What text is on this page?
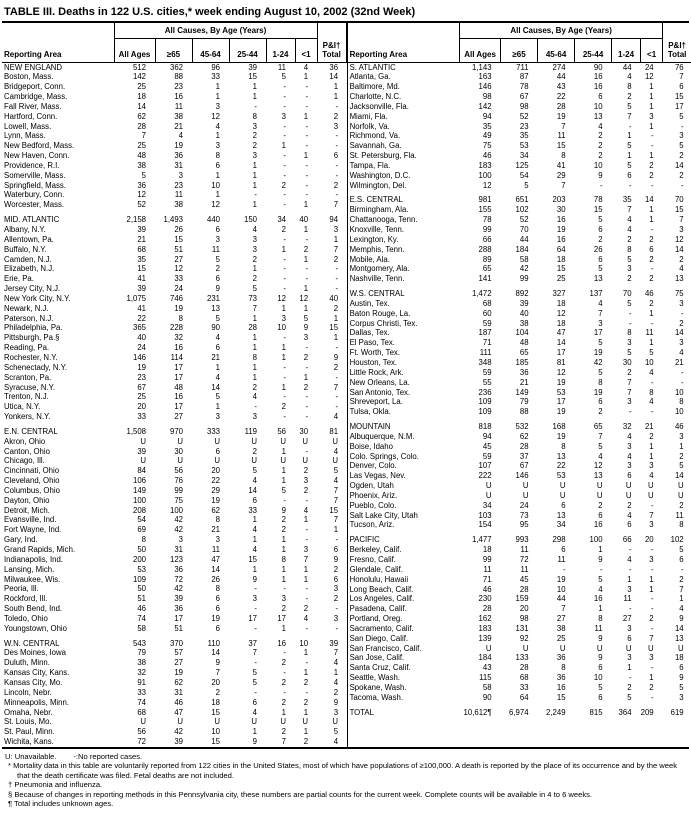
TABLE III. Deaths in 122 U.S. cities,* week ending August 10, 2002 (32nd Week)
Reporting Area	All Causes, By Age (Years)						
	All Ages	≥65	45-64	25-44	1-24	<1	P&I†
Total

NEW ENGLAND	512	362	96	39	11	4	36
Boston, Mass.	142	88	33	15	5	1	14
Bridgeport, Conn.	25	23	1	1	-	-	1
Cambridge, Mass.	18	16	1	1	-	-	1
Fall River, Mass.	14	11	3	-	-	-	-
Hartford, Conn.	62	38	12	8	3	1	2
Lowell, Mass.	28	21	4	3	-	-	3
Lynn, Mass.	7	4	1	2	-	-	-
New Bedford, Mass.	25	19	3	2	1	-	-
New Haven, Conn.	48	36	8	3	-	1	6
Providence, R.I.	38	31	6	1	-	-	-
Somerville, Mass.	5	3	1	1	-	-	-
Springfield, Mass.	36	23	10	1	2	-	2
Waterbury, Conn.	12	11	1	-	-	-	-
Worcester, Mass.	52	38	12	1	-	1	7

MID. ATLANTIC	2,158	1,493	440	150	34	40	94
Albany, N.Y.	39	26	6	4	2	1	3
Allentown, Pa.	21	15	3	3	-	-	1
Buffalo, N.Y.	68	51	11	3	1	2	7
Camden, N.J.	35	27	5	2	-	1	2
Elizabeth, N.J.	15	12	2	1	-	-	-
Erie, Pa.	41	33	6	2	-	-	-
Jersey City, N.J.	39	24	9	5	-	1	-
New York City, N.Y.	1,075	746	231	73	12	12	40
Newark, N.J.	41	19	13	7	1	1	2
Paterson, N.J.	22	8	5	1	3	5	1
Philadelphia, Pa.	365	228	90	28	10	9	15
Pittsburgh, Pa.§	40	32	4	1	-	3	1
Reading, Pa.	24	16	6	1	1	-	-
Rochester, N.Y.	146	114	21	8	1	2	9
Schenectady, N.Y.	19	17	1	1	-	-	2
Scranton, Pa.	23	17	4	1	-	1	-
Syracuse, N.Y.	67	48	14	2	1	2	7
Trenton, N.J.	25	16	5	4	-	-	-
Utica, N.Y.	20	17	1	-	2	-	-
Yonkers, N.Y.	33	27	3	3	-	-	4

E.N. CENTRAL	1,508	970	333	119	56	30	81
Akron, Ohio	U	U	U	U	U	U	U
Canton, Ohio	39	30	6	2	1	-	4
Chicago, Ill.	U	U	U	U	U	U	U
Cincinnati, Ohio	84	56	20	5	1	2	5
Cleveland, Ohio	106	76	22	4	1	3	4
Columbus, Ohio	149	99	29	14	5	2	7
Dayton, Ohio	100	75	19	6	-	-	7
Detroit, Mich.	208	100	62	33	9	4	15
Evansville, Ind.	54	42	8	1	2	1	7
Fort Wayne, Ind.	69	42	21	4	2	-	1
Gary, Ind.	8	3	3	1	1	-	-
Grand Rapids, Mich.	50	31	11	4	1	3	6
Indianapolis, Ind.	200	123	47	15	8	7	9
Lansing, Mich.	53	36	14	1	1	1	2
Milwaukee, Wis.	109	72	26	9	1	1	6
Peoria, Ill.	50	42	8	-	-	-	3
Rockford, Ill.	51	39	6	3	3	-	2
South Bend, Ind.	46	36	6	-	2	2	-
Toledo, Ohio	74	17	19	17	17	4	3
Youngstown, Ohio	58	51	6	-	1	-	-

W.N. CENTRAL	543	370	110	37	16	10	39
Des Moines, Iowa	79	57	14	7	-	1	7
Duluth, Minn.	38	27	9	-	2	-	4
Kansas City, Kans.	32	19	7	5	-	1	1
Kansas City, Mo.	91	62	20	5	2	2	4
Lincoln, Nebr.	33	31	2	-	-	-	2
Minneapolis, Minn.	74	46	18	6	2	2	9
Omaha, Nebr.	68	47	15	4	1	1	3
St. Louis, Mo.	U	U	U	U	U	U	U
St. Paul, Minn.	56	42	10	1	2	1	5
Wichita, Kans.	72	39	15	9	7	2	4
Reporting Area	All Causes, By Age (Years)						
	All Ages	≥65	45-64	25-44	1-24	<1	P&I†
Total

S. ATLANTIC	1,143	711	274	90	44	24	76
Atlanta, Ga.	163	87	44	16	4	12	7
Baltimore, Md.	146	78	43	16	8	1	6
Charlotte, N.C.	98	67	22	6	2	1	15
Jacksonville, Fla.	142	98	28	10	5	1	17
Miami, Fla.	94	52	19	13	7	3	5
Norfolk, Va.	35	23	7	4	-	1	-
Richmond, Va.	49	35	11	2	1	-	3
Savannah, Ga.	75	53	15	2	5	-	5
St. Petersburg, Fla.	46	34	8	2	1	1	2
Tampa, Fla.	183	125	41	10	5	2	14
Washington, D.C.	100	54	29	9	6	2	2
Wilmington, Del.	12	5	7	-	-	-	-

E.S. CENTRAL	981	651	203	78	35	14	70
Birmingham, Ala.	155	102	30	15	7	1	15
Chattanooga, Tenn.	78	52	16	5	4	1	7
Knoxville, Tenn.	99	70	19	6	4	-	3
Lexington, Ky.	66	44	16	2	2	2	12
Memphis, Tenn.	288	184	64	26	8	6	14
Mobile, Ala.	89	58	18	6	5	2	2
Montgomery, Ala.	65	42	15	5	3	-	4
Nashville, Tenn.	141	99	25	13	2	2	13

W.S. CENTRAL	1,472	892	327	137	70	46	75
Austin, Tex.	68	39	18	4	5	2	3
Baton Rouge, La.	60	40	12	7	-	1	-
Corpus Christi, Tex.	59	38	18	3	-	-	2
Dallas, Tex.	187	104	47	17	8	11	14
El Paso, Tex.	71	48	14	5	3	1	3
Ft. Worth, Tex.	111	65	17	19	5	5	4
Houston, Tex.	348	185	81	42	30	10	21
Little Rock, Ark.	59	36	12	5	2	4	-
New Orleans, La.	55	21	19	8	7	-	-
San Antonio, Tex.	236	149	53	19	7	8	10
Shreveport, La.	109	79	17	6	3	4	8
Tulsa, Okla.	109	88	19	2	-	-	10

MOUNTAIN	818	532	168	65	32	21	46
Albuquerque, N.M.	94	62	19	7	4	2	3
Boise, Idaho	45	28	8	5	3	1	1
Colo. Springs, Colo.	59	37	13	4	4	1	2
Denver, Colo.	107	67	22	12	3	3	5
Las Vegas, Nev.	222	146	53	13	6	4	14
Ogden, Utah	U	U	U	U	U	U	U
Phoenix, Ariz.	U	U	U	U	U	U	U
Pueblo, Colo.	34	24	6	2	2	-	2
Salt Lake City, Utah	103	73	13	6	4	7	11
Tucson, Ariz.	154	95	34	16	6	3	8

PACIFIC	1,477	993	298	100	66	20	102
Berkeley, Calif.	18	11	6	1	-	-	5
Fresno, Calif.	99	72	11	9	4	3	6
Glendale, Calif.	11	11	-	-	-	-	-
Honolulu, Hawaii	71	45	19	5	1	1	2
Long Beach, Calif.	46	28	10	4	3	1	7
Los Angeles, Calif.	230	159	44	16	11	-	1
Pasadena, Calif.	28	20	7	1	-	-	4
Portland, Oreg.	162	98	27	8	27	2	9
Sacramento, Calif.	183	131	38	11	3	-	14
San Diego, Calif.	139	92	25	9	6	7	13
San Francisco, Calif.	U	U	U	U	U	U	U
San Jose, Calif.	184	133	36	9	3	3	18
Santa Cruz, Calif.	43	28	8	6	1	-	6
Seattle, Wash.	115	68	36	10	-	1	9
Spokane, Wash.	58	33	16	5	2	2	5
Tacoma, Wash.	90	64	15	6	5	-	3

TOTAL	10,612¶	6,974	2,249	815	364	209	619
U: Unavailable.        -:No reported cases.
* Mortality data in this table are voluntarily reported from 122 cities in the United States, most of which have populations of ≥100,000. A death is reported by the place of its occurrence and by the week that the death certificate was filed. Fetal deaths are not included.
† Pneumonia and influenza.
§ Because of changes in reporting methods in this Pennsylvania city, these numbers are partial counts for the current week. Complete counts will be available in 4 to 6 weeks.
¶ Total includes unknown ages.
